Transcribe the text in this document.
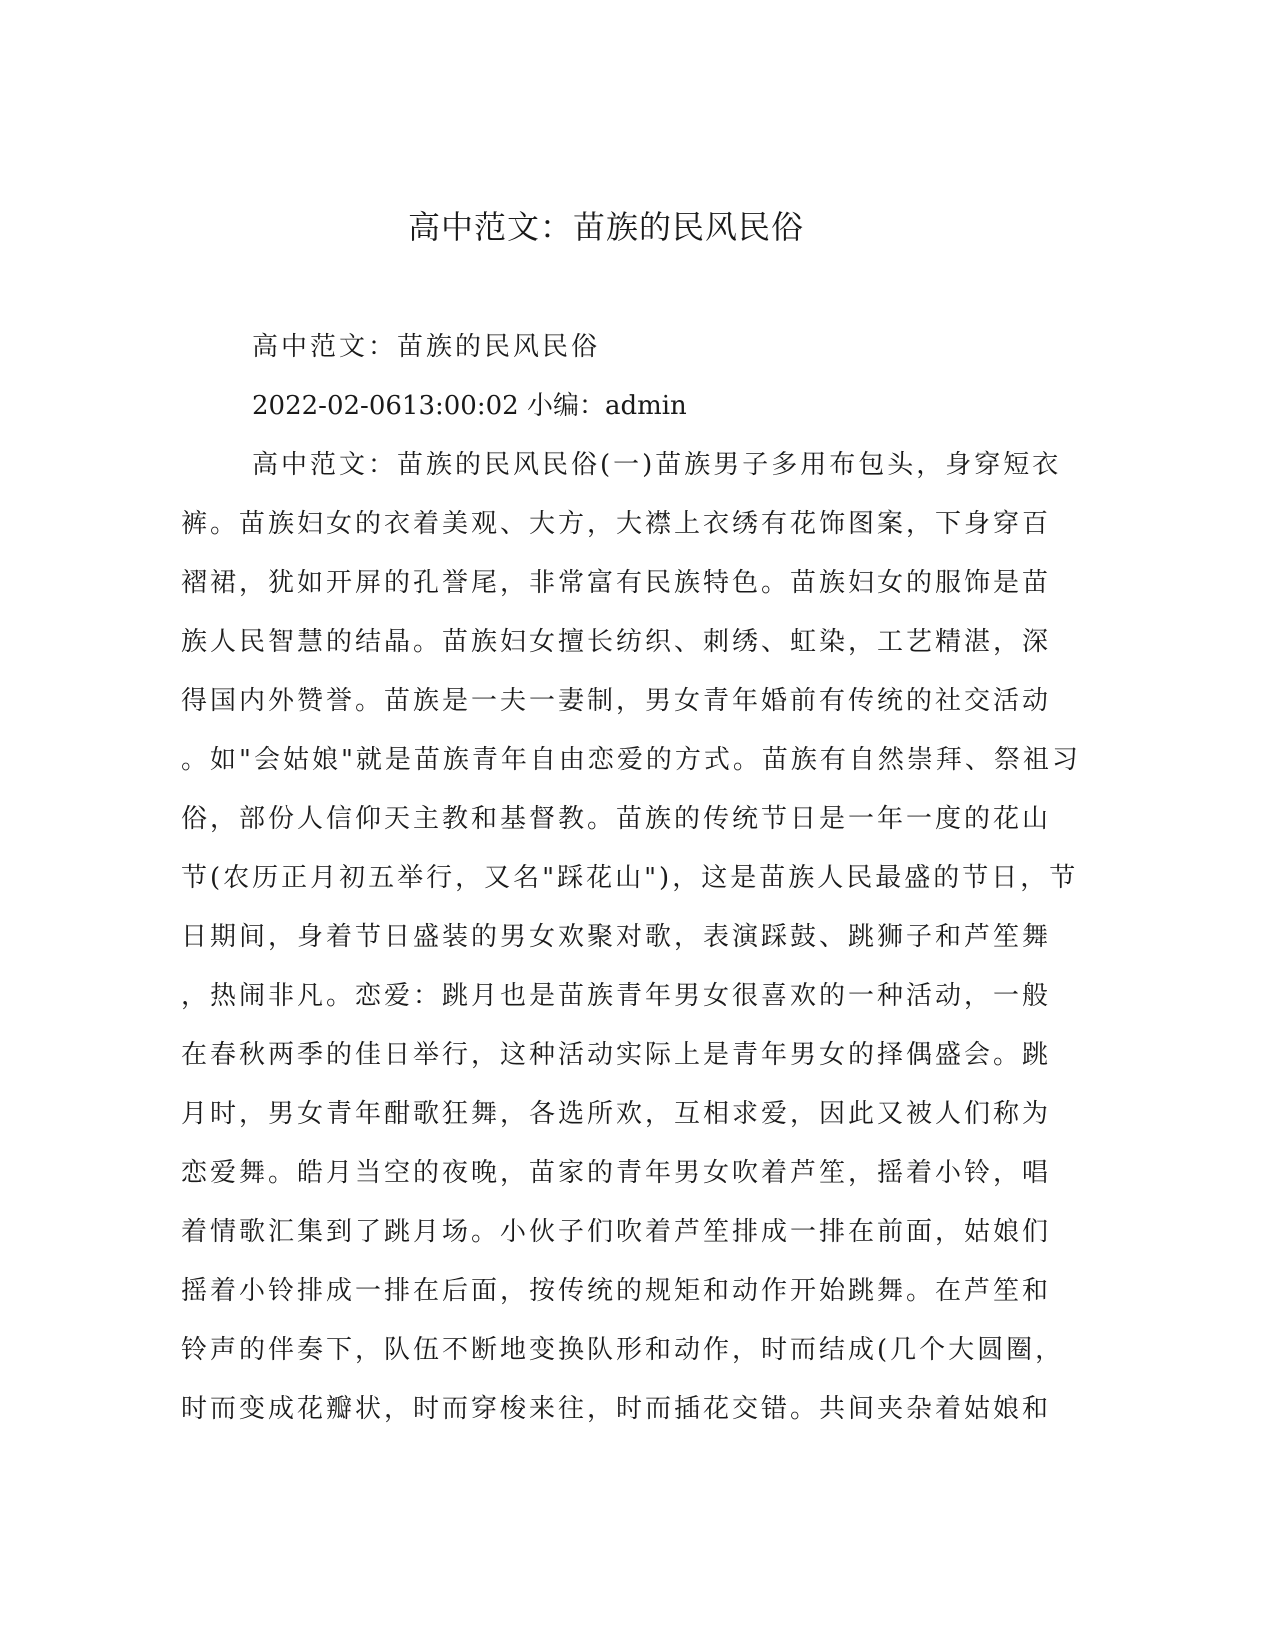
高中范文：苗族的民风民俗

高中范文：苗族的民风民俗

2022-02-0613:00:02 小编：admin

高中范文：苗族的民风民俗(一)苗族男子多用布包头，身穿短衣
裤。苗族妇女的衣着美观、大方，大襟上衣绣有花饰图案，下身穿百
褶裙，犹如开屏的孔誉尾，非常富有民族特色。苗族妇女的服饰是苗
族人民智慧的结晶。苗族妇女擅长纺织、刺绣、虹染，工艺精湛，深
得国内外赞誉。苗族是一夫一妻制，男女青年婚前有传统的社交活动
。如"会姑娘"就是苗族青年自由恋爱的方式。苗族有自然崇拜、祭祖习
俗，部份人信仰天主教和基督教。苗族的传统节日是一年一度的花山
节(农历正月初五举行，又名"踩花山")，这是苗族人民最盛的节日，节
日期间，身着节日盛装的男女欢聚对歌，表演踩鼓、跳狮子和芦笙舞
，热闹非凡。恋爱：跳月也是苗族青年男女很喜欢的一种活动，一般
在春秋两季的佳日举行，这种活动实际上是青年男女的择偶盛会。跳
月时，男女青年酣歌狂舞，各选所欢，互相求爱，因此又被人们称为
恋爱舞。皓月当空的夜晚，苗家的青年男女吹着芦笙，摇着小铃，唱
着情歌汇集到了跳月场。小伙子们吹着芦笙排成一排在前面，姑娘们
摇着小铃排成一排在后面，按传统的规矩和动作开始跳舞。在芦笙和
铃声的伴奏下，队伍不断地变换队形和动作，时而结成(几个大圆圈，
时而变成花瓣状，时而穿梭来往，时而插花交错。共间夹杂着姑娘和
